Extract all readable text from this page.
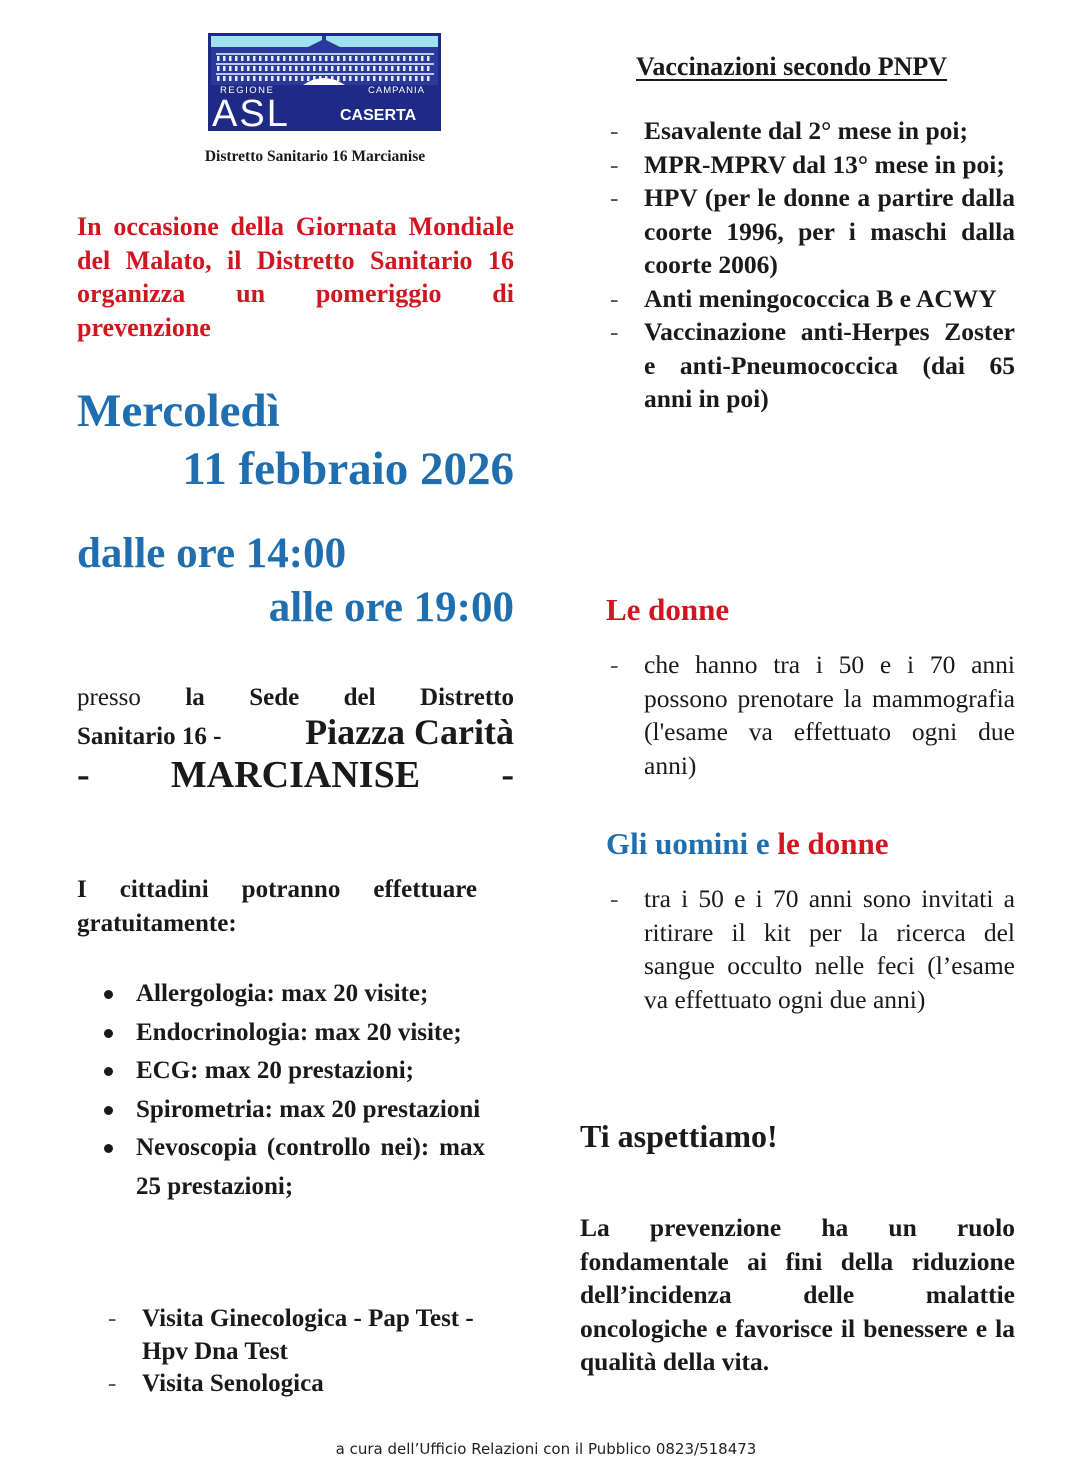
REGIONE	CAMPANIA
ASL	CASERTA
Distretto Sanitario 16 Marcianise
In occasione della Giornata Mondiale del Malato, il Distretto Sanitario 16 organizza un pomeriggio di prevenzione
Mercoledì
11 febbraio 2026
dalle ore 14:00
alle ore 19:00
presso la Sede del Distretto
Sanitario 16 - Piazza Carità
- MARCIANISE -
I cittadini potranno effettuare gratuitamente:
Allergologia: max 20 visite;
Endocrinologia: max 20 visite;
ECG: max 20 prestazioni;
Spirometria: max 20 prestazioni
Nevoscopia (controllo nei): max 25 prestazioni;
- Visita Ginecologica - Pap Test - Hpv Dna Test
- Visita Senologica
Vaccinazioni secondo PNPV
- Esavalente dal 2° mese in poi;
- MPR-MPRV dal 13° mese in poi;
- HPV (per le donne a partire dalla coorte 1996, per i maschi dalla coorte 2006)
- Anti meningococcica B e ACWY
- Vaccinazione anti-Herpes Zoster e anti-Pneumococcica (dai 65 anni in poi)
Le donne
- che hanno tra i 50 e i 70 anni possono prenotare la mammografia (l'esame va effettuato ogni due anni)
Gli uomini e le donne
- tra i 50 e i 70 anni sono invitati a ritirare il kit per la ricerca del sangue occulto nelle feci (l’esame va effettuato ogni due anni)
Ti aspettiamo!
La prevenzione ha un ruolo fondamentale ai fini della riduzione dell’incidenza delle malattie oncologiche e favorisce il benessere e la qualità della vita.
a cura dell’Ufficio Relazioni con il Pubblico 0823/518473
